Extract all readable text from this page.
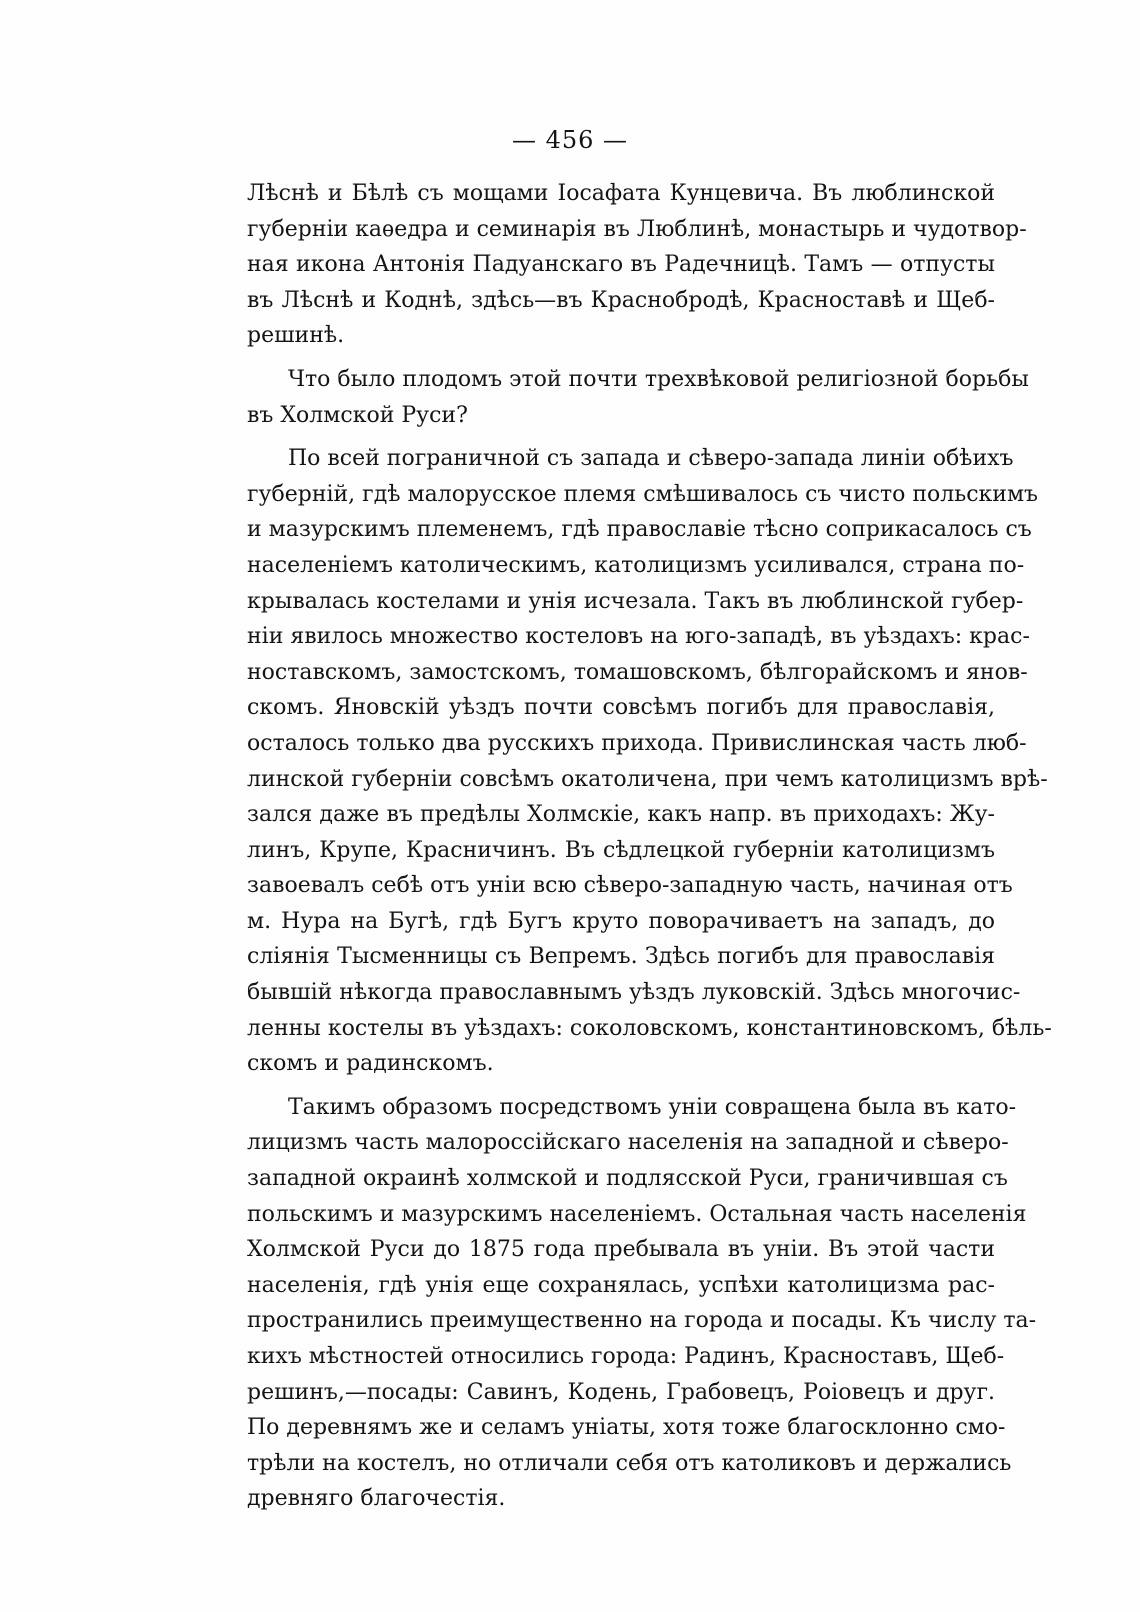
— 456 —
Лѣснѣ и Бѣлѣ съ мощами Іосафата Кунцевича. Въ люблинской
губерніи каѳедра и семинарія въ Люблинѣ, монастырь и чудотвор-
ная икона Антонія Падуанскаго въ Радечницѣ. Тамъ — отпусты
въ Лѣснѣ и Коднѣ, здѣсь—въ Краснобродѣ, Красноставѣ и Щеб-
решинѣ.
Что было плодомъ этой почти трехвѣковой религіозной борьбы
въ Холмской Руси?
По всей пограничной съ запада и сѣверо-запада линіи обѣихъ
губерній, гдѣ малорусское племя смѣшивалось съ чисто польскимъ
и мазурскимъ племенемъ, гдѣ православіе тѣсно соприкасалось съ
населеніемъ католическимъ, католицизмъ усиливался, страна по-
крывалась костелами и унія исчезала. Такъ въ люблинской губер-
ніи явилось множество костеловъ на юго-западѣ, въ уѣздахъ: крас-
ноставскомъ, замостскомъ, томашовскомъ, бѣлгорайскомъ и янов-
скомъ. Яновскій уѣздъ почти совсѣмъ погибъ для православія,
осталось только два русскихъ прихода. Привислинская часть люб-
линской губерніи совсѣмъ окатоличена, при чемъ католицизмъ врѣ-
зался даже въ предѣлы Холмскіе, какъ напр. въ приходахъ: Жу-
линъ, Крупе, Красничинъ. Въ сѣдлецкой губерніи католицизмъ
завоевалъ себѣ отъ уніи всю сѣверо-западную часть, начиная отъ
м. Нура на Бугѣ, гдѣ Бугъ круто поворачиваетъ на западъ, до
слiянія Тысменницы съ Вепремъ. Здѣсь погибъ для православія
бывшій нѣкогда православнымъ уѣздъ луковскій. Здѣсь многочис-
ленны костелы въ уѣздахъ: соколовскомъ, константиновскомъ, бѣль-
скомъ и радинскомъ.
Такимъ образомъ посредствомъ уніи совращена была въ като-
лицизмъ часть малороссійскаго населенія на западной и сѣверо-
западной окраинѣ холмской и подлясской Руси, граничившая съ
польскимъ и мазурскимъ населеніемъ. Остальная часть населенія
Холмской Руси до 1875 года пребывала въ уніи. Въ этой части
населенія, гдѣ унія еще сохранялась, успѣхи католицизма рас-
пространились преимущественно на города и посады. Къ числу та-
кихъ мѣстностей относились города: Радинъ, Красноставъ, Щеб-
решинъ,—посады: Савинъ, Кодень, Грабовецъ, Роiовецъ и друг.
По деревнямъ же и селамъ уніаты, хотя тоже благосклонно смо-
трѣли на костелъ, но отличали себя отъ католиковъ и держались
древняго благочестія.
